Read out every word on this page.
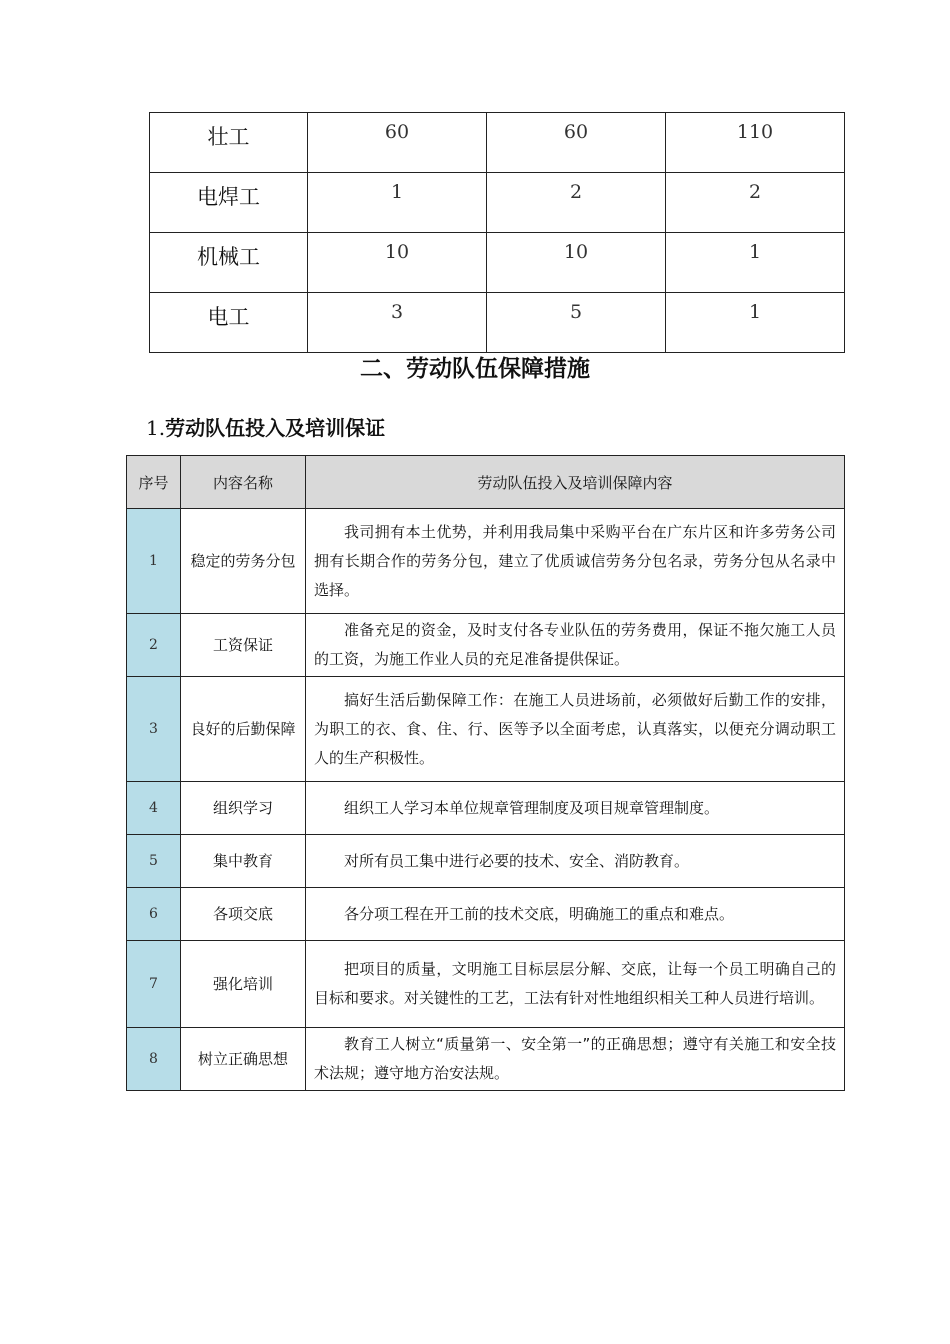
壮工	60	60	110
电焊工	1	2	2
机械工	10	10	1
电工	3	5	1
二、劳动队伍保障措施
1.劳动队伍投入及培训保证
序号	内容名称	劳动队伍投入及培训保障内容
1	稳定的劳务分包	我司拥有本土优势，并利用我局集中采购平台在广东片区和许多劳务公司拥有长期合作的劳务分包，建立了优质诚信劳务分包名录，劳务分包从名录中选择。
2	工资保证	准备充足的资金，及时支付各专业队伍的劳务费用，保证不拖欠施工人员的工资，为施工作业人员的充足准备提供保证。
3	良好的后勤保障	搞好生活后勤保障工作：在施工人员进场前，必须做好后勤工作的安排，为职工的衣、食、住、行、医等予以全面考虑，认真落实，以便充分调动职工人的生产积极性。
4	组织学习	组织工人学习本单位规章管理制度及项目规章管理制度。
5	集中教育	对所有员工集中进行必要的技术、安全、消防教育。
6	各项交底	各分项工程在开工前的技术交底，明确施工的重点和难点。
7	强化培训	把项目的质量，文明施工目标层层分解、交底，让每一个员工明确自己的目标和要求。对关键性的工艺，工法有针对性地组织相关工种人员进行培训。
8	树立正确思想	教育工人树立“质量第一、安全第一”的正确思想；遵守有关施工和安全技术法规；遵守地方治安法规。
